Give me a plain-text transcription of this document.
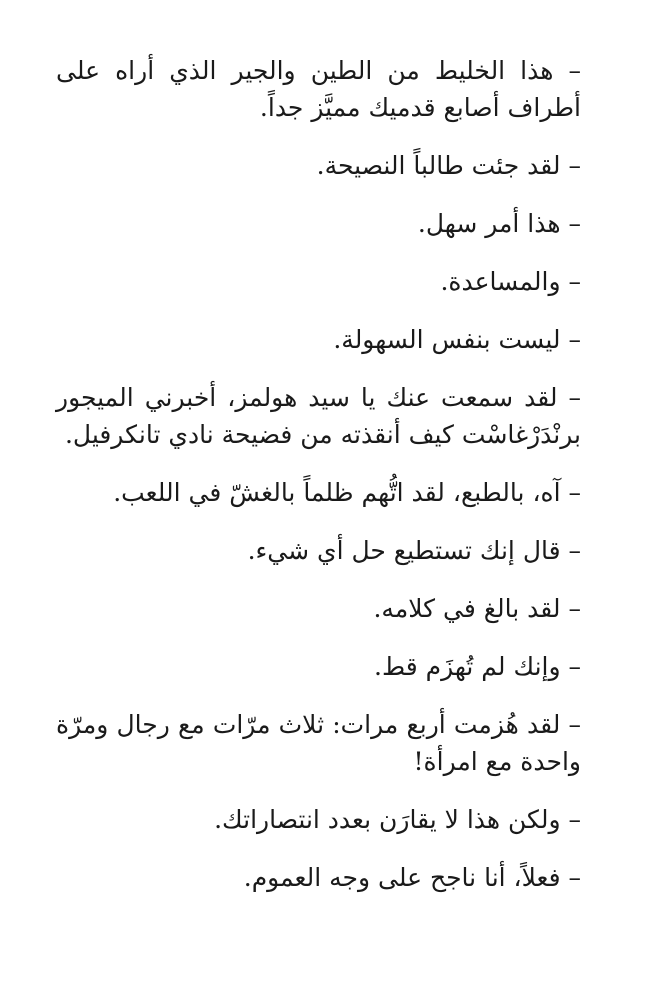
– هذا الخليط من الطين والجير الذي أراه على أطراف أصابع قدميك مميَّز جداً.

– لقد جئت طالباً النصيحة.

– هذا أمر سهل.

– والمساعدة.

– ليست بنفس السهولة.

– لقد سمعت عنك يا سيد هولمز، أخبرني الميجور برنْدَرْغاسْت كيف أنقذته من فضيحة نادي تانكرفيل.

– آه، بالطبع، لقد اتُّهم ظلماً بالغشّ في اللعب.

– قال إنك تستطيع حل أي شيء.

– لقد بالغ في كلامه.

– وإنك لم تُهزَم قط.

– لقد هُزمت أربع مرات: ثلاث مرّات مع رجال ومرّة واحدة مع امرأة!

– ولكن هذا لا يقارَن بعدد انتصاراتك.

– فعلاً، أنا ناجح على وجه العموم.
